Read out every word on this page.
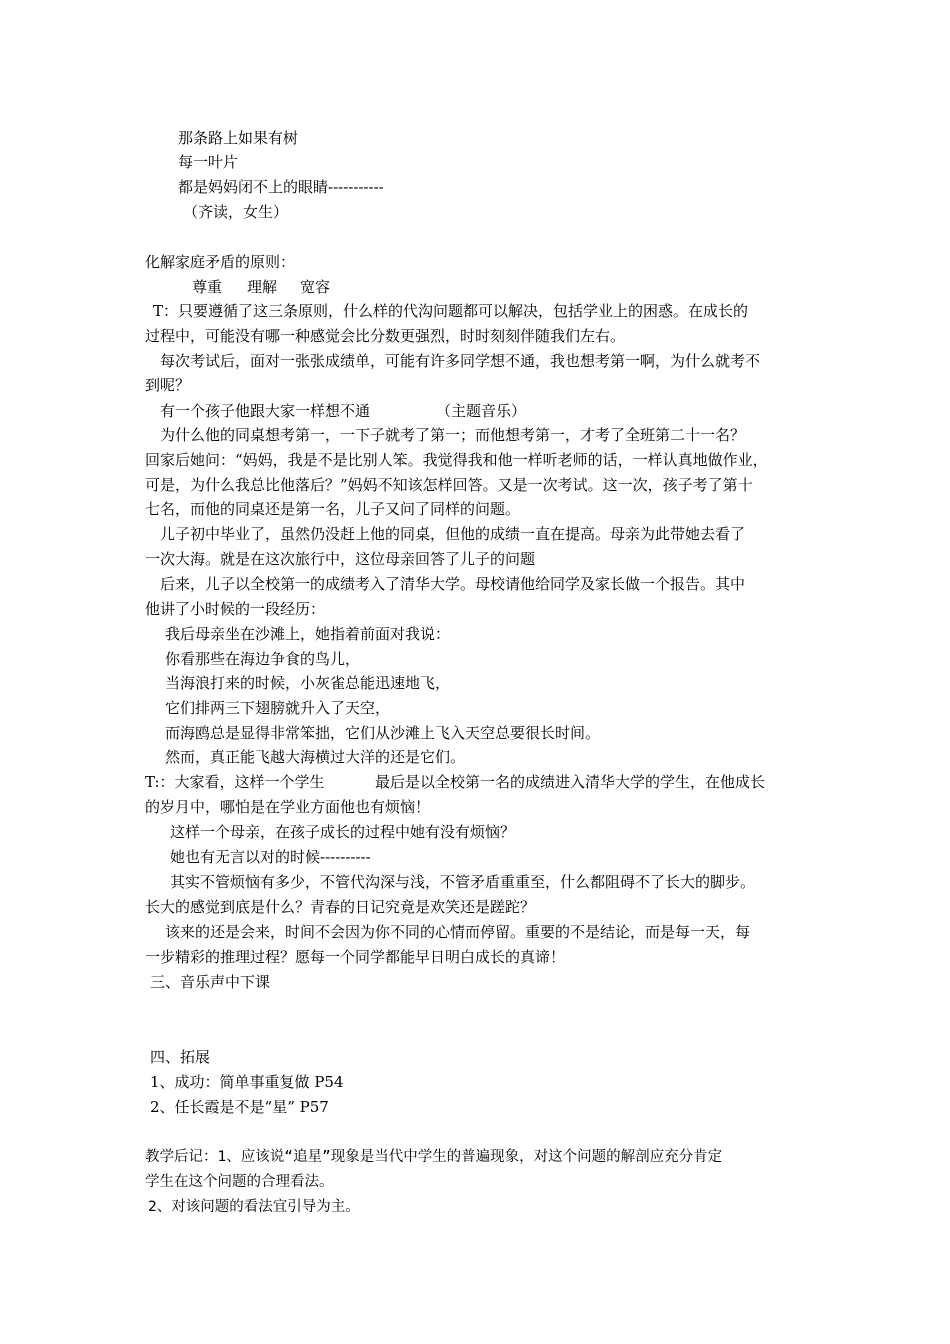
那条路上如果有树
每一叶片
都是妈妈闭不上的眼睛-----------
（齐读，女生）
化解家庭矛盾的原则：
尊重 理解 宽容
T：只要遵循了这三条原则，什么样的代沟问题都可以解决，包括学业上的困惑。在成长的
过程中，可能没有哪一种感觉会比分数更强烈，时时刻刻伴随我们左右。
每次考试后，面对一张张成绩单，可能有许多同学想不通，我也想考第一啊，为什么就考不
到呢？
有一个孩子他跟大家一样想不通	（主题音乐）
为什么他的同桌想考第一，一下子就考了第一；而他想考第一，才考了全班第二十一名？
回家后她问：“妈妈，我是不是比别人笨。我觉得我和他一样听老师的话，一样认真地做作业，
可是，为什么我总比他落后？”妈妈不知该怎样回答。又是一次考试。这一次，孩子考了第十
七名，而他的同桌还是第一名，儿子又问了同样的问题。
儿子初中毕业了，虽然仍没赶上他的同桌，但他的成绩一直在提高。母亲为此带她去看了
一次大海。就是在这次旅行中，这位母亲回答了儿子的问题
后来，儿子以全校第一的成绩考入了清华大学。母校请他给同学及家长做一个报告。其中
他讲了小时候的一段经历：
我后母亲坐在沙滩上，她指着前面对我说：
你看那些在海边争食的鸟儿，
当海浪打来的时候，小灰雀总能迅速地飞，
它们排两三下翅膀就升入了天空，
而海鸥总是显得非常笨拙，它们从沙滩上飞入天空总要很长时间。
然而，真正能飞越大海横过大洋的还是它们。
T:：大家看，这样一个学生	最后是以全校第一名的成绩进入清华大学的学生，在他成长
的岁月中，哪怕是在学业方面他也有烦恼！
这样一个母亲，在孩子成长的过程中她有没有烦恼？
她也有无言以对的时候----------
其实不管烦恼有多少，不管代沟深与浅，不管矛盾重重至，什么都阻碍不了长大的脚步。
长大的感觉到底是什么？青春的日记究竟是欢笑还是蹉跎？
该来的还是会来，时间不会因为你不同的心情而停留。重要的不是结论，而是每一天，每
一步精彩的推理过程？愿每一个同学都能早日明白成长的真谛！
三、音乐声中下课
四、拓展
1、成功：简单事重复做 P54
2、任长霞是不是“星” P57
教学后记：1、应该说“追星”现象是当代中学生的普遍现象，对这个问题的解剖应充分肯定
学生在这个问题的合理看法。
2、对该问题的看法宜引导为主。
